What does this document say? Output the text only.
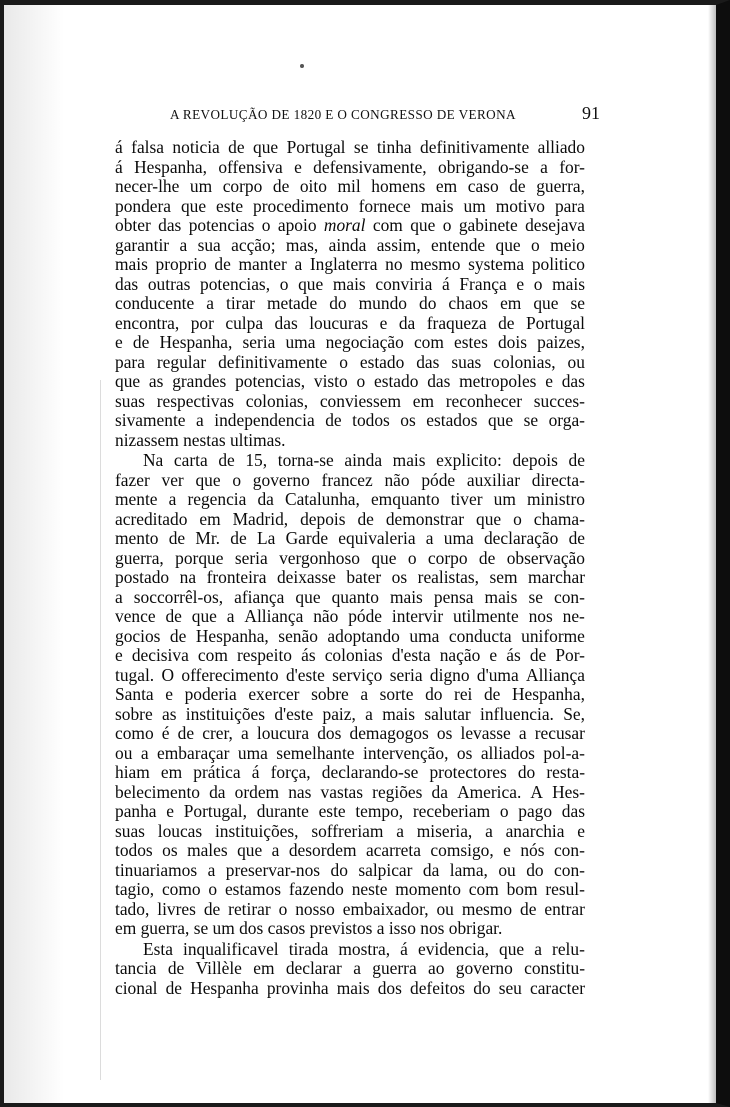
A REVOLUÇÃO DE 1820 E O CONGRESSO DE VERONA	91
á falsa noticia de que Portugal se tinha definitivamente alliado
á Hespanha, offensiva e defensivamente, obrigando-se a for-
necer-lhe um corpo de oito mil homens em caso de guerra,
pondera que este procedimento fornece mais um motivo para
obter das potencias o apoio moral com que o gabinete desejava
garantir a sua acção; mas, ainda assim, entende que o meio
mais proprio de manter a Inglaterra no mesmo systema politico
das outras potencias, o que mais conviria á França e o mais
conducente a tirar metade do mundo do chaos em que se
encontra, por culpa das loucuras e da fraqueza de Portugal
e de Hespanha, seria uma negociação com estes dois paizes,
para regular definitivamente o estado das suas colonias, ou
que as grandes potencias, visto o estado das metropoles e das
suas respectivas colonias, conviessem em reconhecer succes-
sivamente a independencia de todos os estados que se orga-
nizassem nestas ultimas.
Na carta de 15, torna-se ainda mais explicito: depois de
fazer ver que o governo francez não póde auxiliar directa-
mente a regencia da Catalunha, emquanto tiver um ministro
acreditado em Madrid, depois de demonstrar que o chama-
mento de Mr. de La Garde equivaleria a uma declaração de
guerra, porque seria vergonhoso que o corpo de observação
postado na fronteira deixasse bater os realistas, sem marchar
a soccorrêl-os, afiança que quanto mais pensa mais se con-
vence de que a Alliança não póde intervir utilmente nos ne-
gocios de Hespanha, senão adoptando uma conducta uniforme
e decisiva com respeito ás colonias d'esta nação e ás de Por-
tugal. O offerecimento d'este serviço seria digno d'uma Alliança
Santa e poderia exercer sobre a sorte do rei de Hespanha,
sobre as instituições d'este paiz, a mais salutar influencia. Se,
como é de crer, a loucura dos demagogos os levasse a recusar
ou a embaraçar uma semelhante intervenção, os alliados pol-a-
hiam em prática á força, declarando-se protectores do resta-
belecimento da ordem nas vastas regiões da America. A Hes-
panha e Portugal, durante este tempo, receberiam o pago das
suas loucas instituições, soffreriam a miseria, a anarchia e
todos os males que a desordem acarreta comsigo, e nós con-
tinuariamos a preservar-nos do salpicar da lama, ou do con-
tagio, como o estamos fazendo neste momento com bom resul-
tado, livres de retirar o nosso embaixador, ou mesmo de entrar
em guerra, se um dos casos previstos a isso nos obrigar.
Esta inqualificavel tirada mostra, á evidencia, que a relu-
tancia de Villèle em declarar a guerra ao governo constitu-
cional de Hespanha provinha mais dos defeitos do seu caracter
